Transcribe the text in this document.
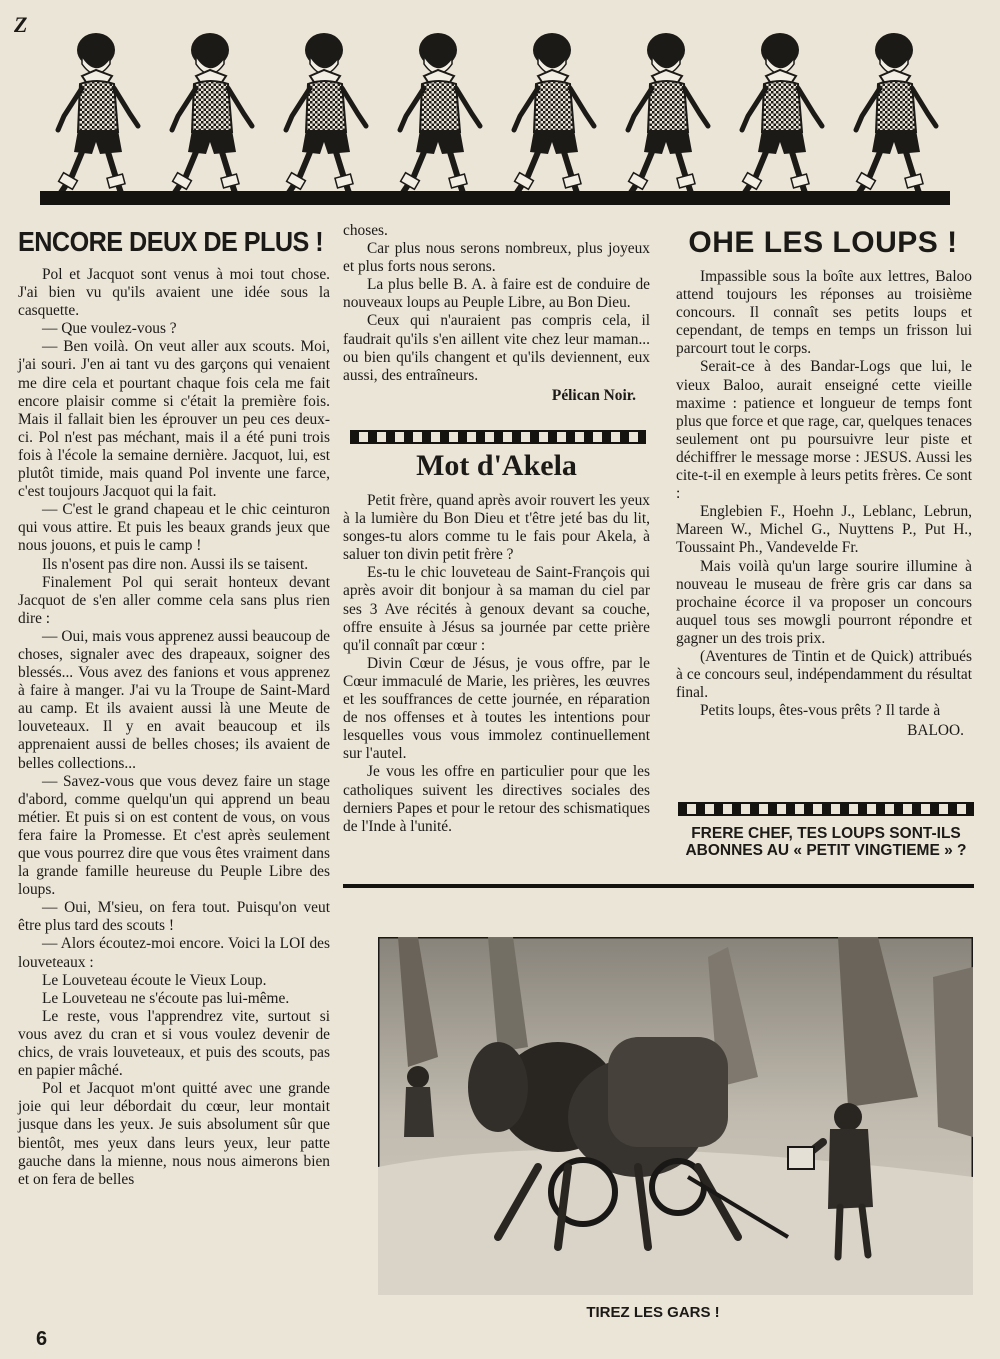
Z
ENCORE DEUX DE PLUS !

Pol et Jacquot sont venus à moi tout chose. J'ai bien vu qu'ils avaient une idée sous la casquette.

— Que voulez-vous ?

— Ben voilà. On veut aller aux scouts. Moi, j'ai souri. J'en ai tant vu des garçons qui venaient me dire cela et pourtant chaque fois cela me fait encore plaisir comme si c'était la première fois. Mais il fallait bien les éprouver un peu ces deux-ci. Pol n'est pas méchant, mais il a été puni trois fois à l'école la semaine dernière. Jacquot, lui, est plutôt timide, mais quand Pol invente une farce, c'est toujours Jacquot qui la fait.

— C'est le grand chapeau et le chic ceinturon qui vous attire. Et puis les beaux grands jeux que nous jouons, et puis le camp !

Ils n'osent pas dire non. Aussi ils se taisent.

Finalement Pol qui serait honteux devant Jacquot de s'en aller comme cela sans plus rien dire :

— Oui, mais vous apprenez aussi beaucoup de choses, signaler avec des drapeaux, soigner des blessés... Vous avez des fanions et vous apprenez à faire à manger. J'ai vu la Troupe de Saint-Mard au camp. Et ils avaient aussi là une Meute de louveteaux. Il y en avait beaucoup et ils apprenaient aussi de belles choses; ils avaient de belles collections...

— Savez-vous que vous devez faire un stage d'abord, comme quelqu'un qui apprend un beau métier. Et puis si on est content de vous, on vous fera faire la Promesse. Et c'est après seulement que vous pourrez dire que vous êtes vraiment dans la grande famille heureuse du Peuple Libre des loups.

— Oui, M'sieu, on fera tout. Puisqu'on veut être plus tard des scouts !

— Alors écoutez-moi encore. Voici la LOI des louveteaux :

Le Louveteau écoute le Vieux Loup.

Le Louveteau ne s'écoute pas lui-même.

Le reste, vous l'apprendrez vite, surtout si vous avez du cran et si vous voulez devenir de chics, de vrais louveteaux, et puis des scouts, pas en papier mâché.

Pol et Jacquot m'ont quitté avec une grande joie qui leur débordait du cœur, leur montait jusque dans les yeux. Je suis absolument sûr que bientôt, mes yeux dans leurs yeux, leur patte gauche dans la mienne, nous nous aimerons bien et on fera de belles

choses.

Car plus nous serons nombreux, plus joyeux et plus forts nous serons.

La plus belle B. A. à faire est de conduire de nouveaux loups au Peuple Libre, au Bon Dieu.

Ceux qui n'auraient pas compris cela, il faudrait qu'ils s'en aillent vite chez leur maman... ou bien qu'ils changent et qu'ils deviennent, eux aussi, des entraîneurs.

Pélican Noir.

Mot d'Akela

Petit frère, quand après avoir rouvert les yeux à la lumière du Bon Dieu et t'être jeté bas du lit, songes-tu alors comme tu le fais pour Akela, à saluer ton divin petit frère ?

Es-tu le chic louveteau de Saint-François qui après avoir dit bonjour à sa maman du ciel par ses 3 Ave récités à genoux devant sa couche, offre ensuite à Jésus sa journée par cette prière qu'il connaît par cœur :

Divin Cœur de Jésus, je vous offre, par le Cœur immaculé de Marie, les prières, les œuvres et les souffrances de cette journée, en réparation de nos offenses et à toutes les intentions pour lesquelles vous vous immolez continuellement sur l'autel.

Je vous les offre en particulier pour que les catholiques suivent les directives sociales des derniers Papes et pour le retour des schismatiques de l'Inde à l'unité.

OHE LES LOUPS !

Impassible sous la boîte aux lettres, Baloo attend toujours les réponses au troisième concours. Il connaît ses petits loups et cependant, de temps en temps un frisson lui parcourt tout le corps.

Serait-ce à des Bandar-Logs que lui, le vieux Baloo, aurait enseigné cette vieille maxime : patience et longueur de temps font plus que force et que rage, car, quelques tenaces seulement ont pu poursuivre leur piste et déchiffrer le message morse : JESUS. Aussi les cite-t-il en exemple à leurs petits frères. Ce sont :

Englebien F., Hoehn J., Leblanc, Lebrun, Mareen W., Michel G., Nuyttens P., Put H., Toussaint Ph., Vandevelde Fr.

Mais voilà qu'un large sourire illumine à nouveau le museau de frère gris car dans sa prochaine écorce il va proposer un concours auquel tous ses mowgli pourront répondre et gagner un des trois prix.

(Aventures de Tintin et de Quick) attribués à ce concours seul, indépendamment du résultat final.

Petits loups, êtes-vous prêts ? Il tarde à

BALOO.

FRERE CHEF, TES LOUPS SONT-ILS ABONNES AU « PETIT VINGTIEME » ?
TIREZ LES GARS !
6
